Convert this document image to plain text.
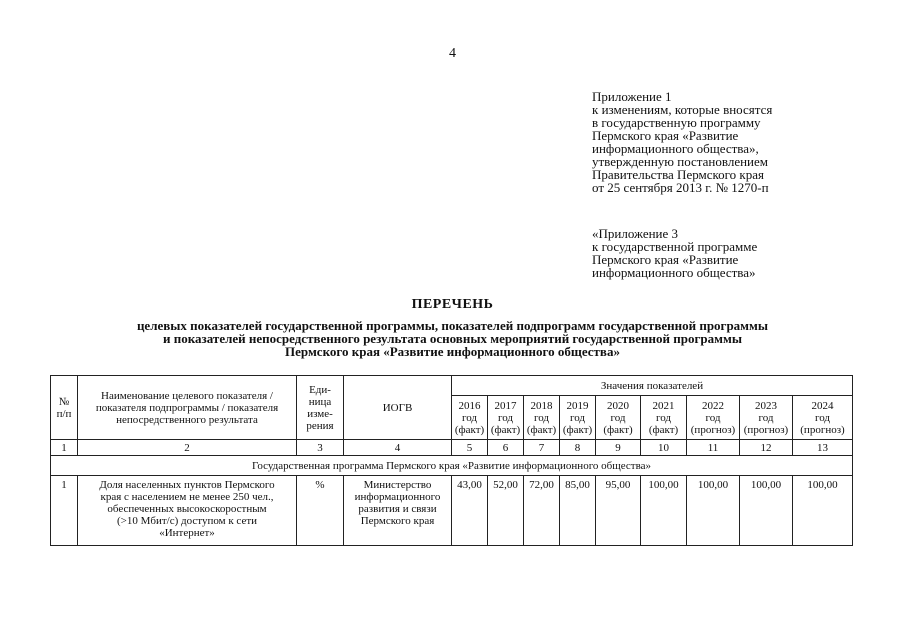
4
Приложение 1
к изменениям, которые вносятся
в государственную программу
Пермского края «Развитие
информационного общества»,
утвержденную постановлением
Правительства Пермского края
от 25 сентября 2013 г. № 1270-п
«Приложение 3
к государственной программе
Пермского края «Развитие
информационного общества»
ПЕРЕЧЕНЬ
целевых показателей государственной программы, показателей подпрограмм государственной программы
и показателей непосредственного результата основных мероприятий государственной программы
Пермского края «Развитие информационного общества»
№
п/п	Наименование целевого показателя /
показателя подпрограммы / показателя
непосредственного результата	Еди-
ница
изме-
рения	ИОГВ	Значения показателей								

				2016
год
(факт)	2017
год
(факт)	2018
год
(факт)	2019
год
(факт)	2020
год
(факт)	2021
год
(факт)	2022
год
(прогноз)	2023
год
(прогноз)	2024
год
(прогноз)

1	2	3	4	5	6	7	8	9	10	11	12	13
Государственная программа Пермского края «Развитие информационного общества»												
1	Доля населенных пунктов Пермского
края с населением не менее 250 чел.,
обеспеченных высокоскоростным
(>10 Мбит/с) доступом к сети
«Интернет»	%	Министерство
информационного
развития и связи
Пермского края	43,00	52,00	72,00	85,00	95,00	100,00	100,00	100,00	100,00
